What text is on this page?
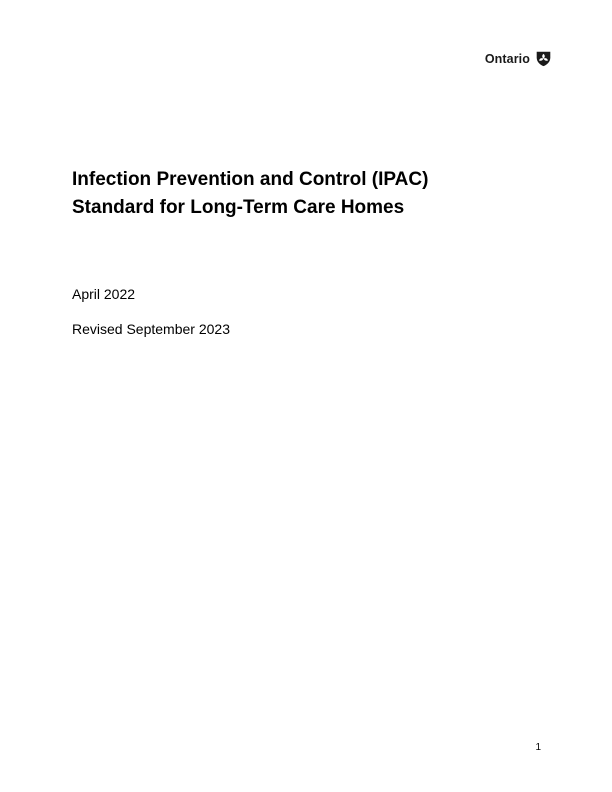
Ontario
Infection Prevention and Control (IPAC)
Standard for Long-Term Care Homes

April 2022

Revised September 2023

1
